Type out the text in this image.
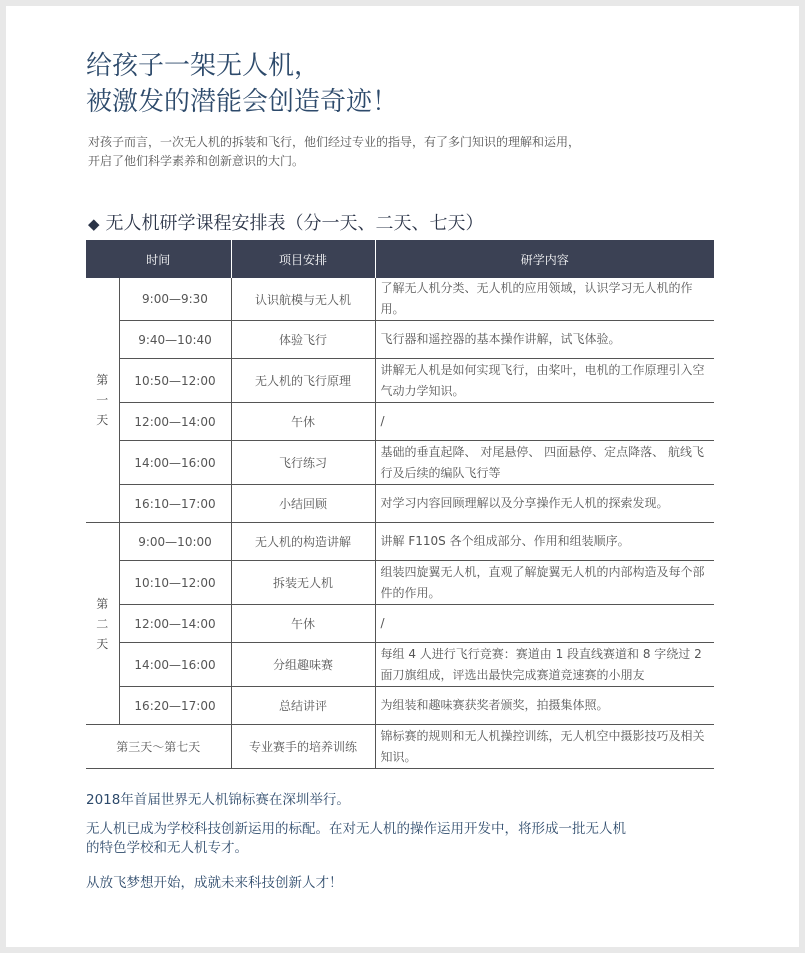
给孩子一架无人机，
被激发的潜能会创造奇迹！
对孩子而言，一次无人机的拆装和飞行，他们经过专业的指导，有了多门知识的理解和运用，
开启了他们科学素养和创新意识的大门。
◆ 无人机研学课程安排表（分一天、二天、七天）
时间		项目安排	研学内容

第
一
天	9:00—9:30	认识航模与无人机	了解无人机分类、无人机的应用领域，认识学习无人机的作用。
	9:40—10:40	体验飞行	飞行器和遥控器的基本操作讲解，试飞体验。
	10:50—12:00	无人机的飞行原理	讲解无人机是如何实现飞行，由桨叶，电机的工作原理引入空气动力学知识。
	12:00—14:00	午休	/
	14:00—16:00	飞行练习	基础的垂直起降、 对尾悬停、 四面悬停、定点降落、 航线飞行及后续的编队飞行等
	16:10—17:00	小结回顾	对学习内容回顾理解以及分享操作无人机的探索发现。

第
二
天	9:00—10:00	无人机的构造讲解	讲解 F110S 各个组成部分、作用和组装顺序。
	10:10—12:00	拆装无人机	组装四旋翼无人机，直观了解旋翼无人机的内部构造及每个部件的作用。
	12:00—14:00	午休	/
	14:00—16:00	分组趣味赛	每组 4 人进行飞行竞赛：赛道由 1 段直线赛道和 8 字绕过 2 面刀旗组成，评选出最快完成赛道竞速赛的小朋友
	16:20—17:00	总结讲评	为组装和趣味赛获奖者颁奖，拍摄集体照。
第三天～第七天		专业赛手的培养训练	锦标赛的规则和无人机操控训练，无人机空中摄影技巧及相关知识。

2018年首届世界无人机锦标赛在深圳举行。

无人机已成为学校科技创新运用的标配。在对无人机的操作运用开发中，将形成一批无人机

的特色学校和无人机专才。

从放飞梦想开始，成就未来科技创新人才！
